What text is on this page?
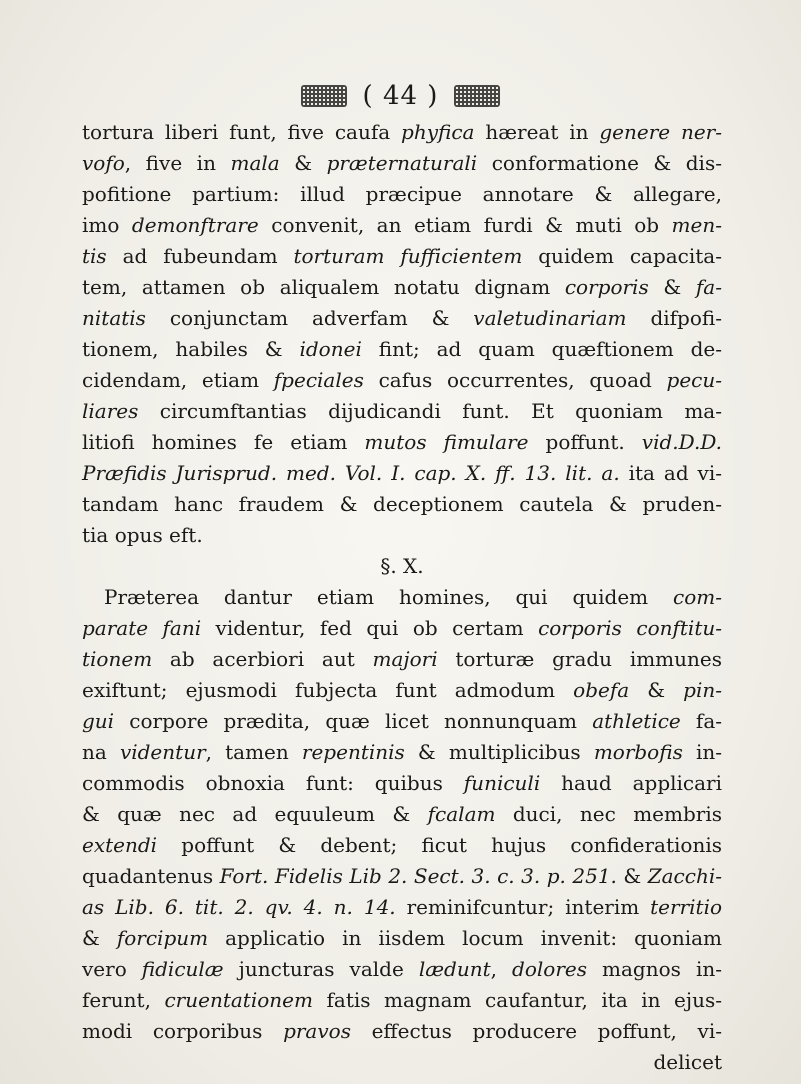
( 44 )
tortura liberi funt, five caufa phyfica hæreat in genere ner-
vofo, five in mala & præternaturali conformatione & dis-
pofitione partium: illud præcipue annotare & allegare,
imo demonftrare convenit, an etiam furdi & muti ob men-
tis ad fubeundam torturam fufficientem quidem capacita-
tem, attamen ob aliqualem notatu dignam corporis & fa-
nitatis conjunctam adverfam & valetudinariam difpofi-
tionem, habiles & idonei fint; ad quam quæftionem de-
cidendam, etiam fpeciales cafus occurrentes, quoad pecu-
liares circumftantias dijudicandi funt. Et quoniam ma-
litiofi homines fe etiam mutos fimulare poffunt. vid.D.D.
Præfidis Jurisprud. med. Vol. I. cap. X. ff. 13. lit. a. ita ad vi-
tandam hanc fraudem & deceptionem cautela & pruden-
tia opus eft.
§. X.
Præterea dantur etiam homines, qui quidem com-
parate fani videntur, fed qui ob certam corporis conftitu-
tionem ab acerbiori aut majori torturæ gradu immunes
exiftunt; ejusmodi fubjecta funt admodum obefa & pin-
gui corpore prædita, quæ licet nonnunquam athletice fa-
na videntur, tamen repentinis & multiplicibus morbofis in-
commodis obnoxia funt: quibus funiculi haud applicari
& quæ nec ad equuleum & fcalam duci, nec membris
extendi poffunt & debent; ficut hujus confiderationis
quadantenus Fort. Fidelis Lib 2. Sect. 3. c. 3. p. 251. & Zacchi-
as Lib. 6. tit. 2. qv. 4. n. 14. reminifcuntur; interim territio
& forcipum applicatio in iisdem locum invenit: quoniam
vero fidiculæ juncturas valde lædunt, dolores magnos in-
ferunt, cruentationem fatis magnam caufantur, ita in ejus-
modi corporibus pravos effectus producere poffunt, vi-
delicet
